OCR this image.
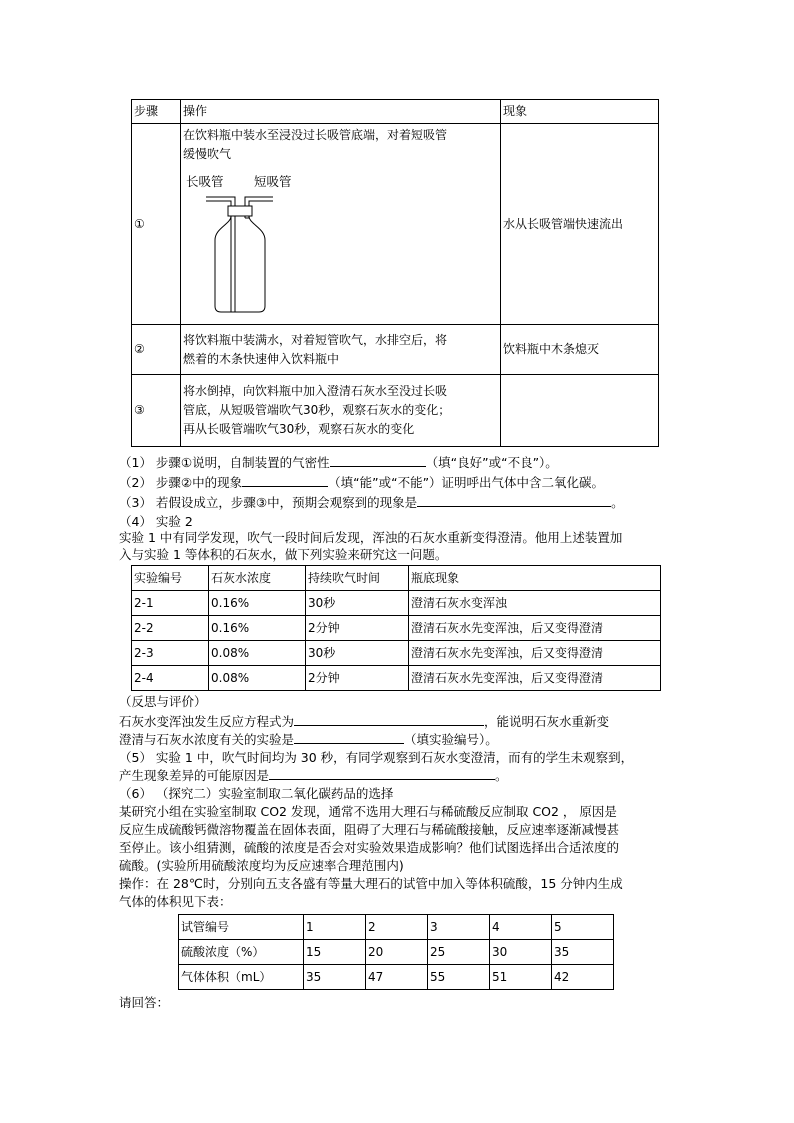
步骤	操作	现象
①	在饮料瓶中装水至浸没过长吸管底端，对着短吸管
缓慢吹气
长吸管 短吸管	水从长吸管端快速流出
②	将饮料瓶中装满水，对着短管吹气，水排空后，将
燃着的木条快速伸入饮料瓶中	饮料瓶中木条熄灭
③	将水倒掉，向饮料瓶中加入澄清石灰水至没过长吸
管底，从短吸管端吹气30秒，观察石灰水的变化；
再从长吸管端吹气30秒，观察石灰水的变化	

（1） 步骤①说明，自制装置的气密性	（填“良好”或“不良”）。
（2） 步骤②中的现象	（填“能”或“不能”）证明呼出气体中含二氧化碳。
（3） 若假设成立，步骤③中，预期会观察到的现象是	。
（4） 实验 2
实验 1 中有同学发现，吹气一段时间后发现，浑浊的石灰水重新变得澄清。他用上述装置加
入与实验 1 等体积的石灰水，做下列实验来研究这一问题。
实验编号	石灰水浓度	持续吹气时间	瓶底现象
2-1	0.16%	30秒	澄清石灰水变浑浊
2-2	0.16%	2分钟	澄清石灰水先变浑浊，后又变得澄清
2-3	0.08%	30秒	澄清石灰水先变浑浊，后又变得澄清
2-4	0.08%	2分钟	澄清石灰水先变浑浊，后又变得澄清
（反思与评价）
石灰水变浑浊发生反应方程式为	，能说明石灰水重新变
澄清与石灰水浓度有关的实验是	（填实验编号）。
（5） 实验 1 中，吹气时间均为 30 秒，有同学观察到石灰水变澄清，而有的学生未观察到，
产生现象差异的可能原因是	。
（6） （探究二）实验室制取二氧化碳药品的选择
某研究小组在实验室制取 CO2 发现，通常不选用大理石与稀硫酸反应制取 CO2 ， 原因是
反应生成硫酸钙微溶物覆盖在固体表面，阻碍了大理石与稀硫酸接触，反应速率逐渐减慢甚
至停止。该小组猜测，硫酸的浓度是否会对实验效果造成影响？他们试图选择出合适浓度的
硫酸。(实验所用硫酸浓度均为反应速率合理范围内)
操作：在 28℃时，分别向五支各盛有等量大理石的试管中加入等体积硫酸，15 分钟内生成
气体的体积见下表：
试管编号	1	2	3	4	5
硫酸浓度（%）	15	20	25	30	35
气体体积（mL）	35	47	55	51	42
请回答：
